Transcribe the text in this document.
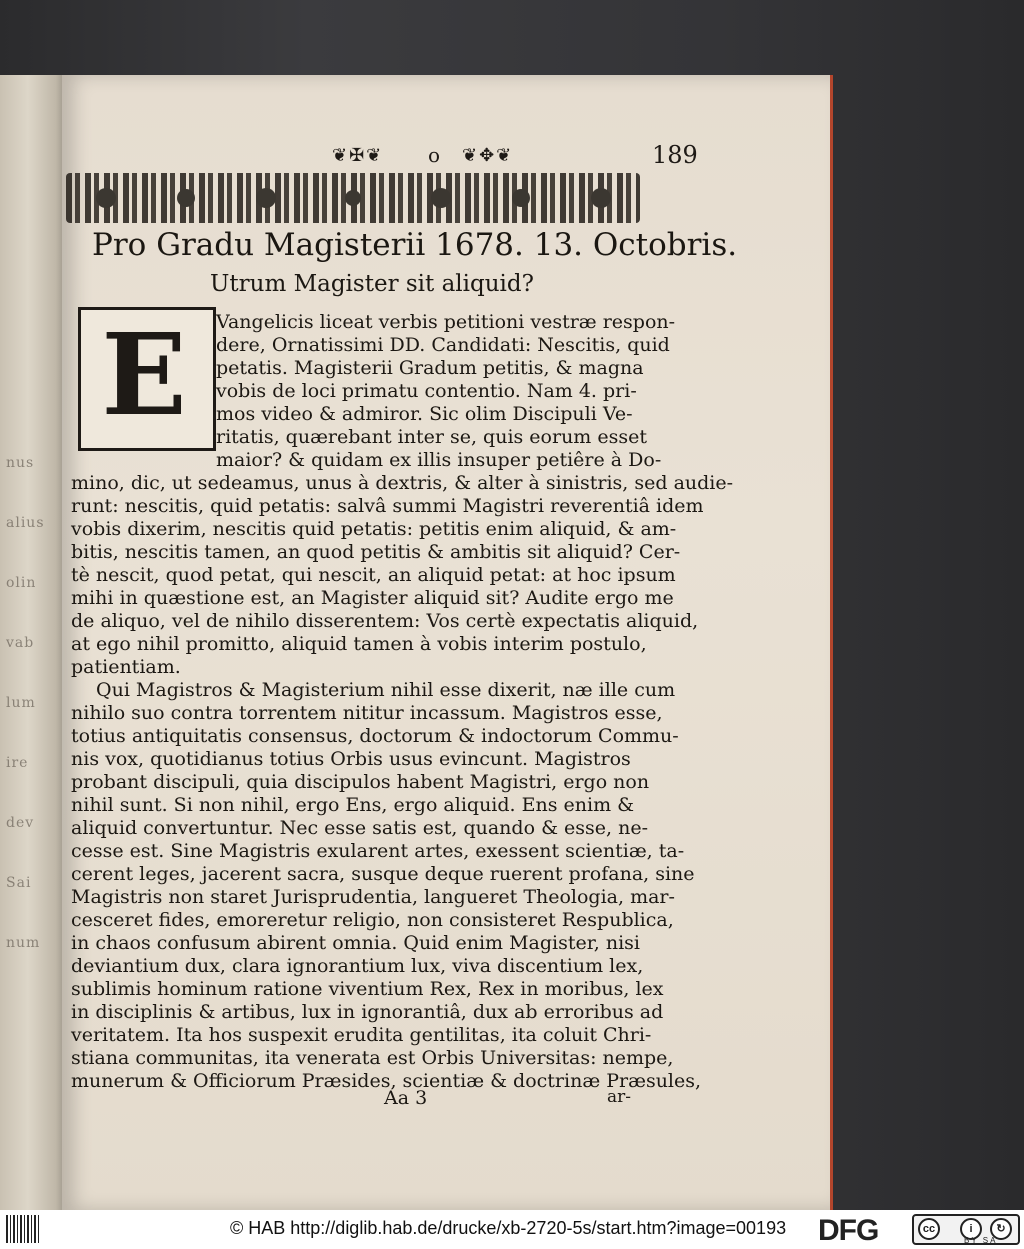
nus
alius
olin
vab
lum
ire
dev
Sai
num
❦✠❦ o ❦✥❦	189
Pro Gradu Magisterii 1678. 13. Octobris.
Utrum Magister sit aliquid?
E	Vangelicis liceat verbis petitioni vestræ respon-
dere, Ornatissimi DD. Candidati: Nescitis, quid
petatis. Magisterii Gradum petitis, & magna
vobis de loci primatu contentio. Nam 4. pri-
mos video & admiror. Sic olim Discipuli Ve-
ritatis, quærebant inter se, quis eorum esset
maior? & quidam ex illis insuper petiêre à Do-
mino, dic, ut sedeamus, unus à dextris, & alter à sinistris, sed audie-
runt: nescitis, quid petatis: salvâ summi Magistri reverentiâ idem
vobis dixerim, nescitis quid petatis: petitis enim aliquid, & am-
bitis, nescitis tamen, an quod petitis & ambitis sit aliquid? Cer-
tè nescit, quod petat, qui nescit, an aliquid petat: at hoc ipsum
mihi in quæstione est, an Magister aliquid sit? Audite ergo me
de aliquo, vel de nihilo disserentem: Vos certè expectatis aliquid,
at ego nihil promitto, aliquid tamen à vobis interim postulo,
patientiam.
Qui Magistros & Magisterium nihil esse dixerit, næ ille cum
nihilo suo contra torrentem nititur incassum. Magistros esse,
totius antiquitatis consensus, doctorum & indoctorum Commu-
nis vox, quotidianus totius Orbis usus evincunt. Magistros
probant discipuli, quia discipulos habent Magistri, ergo non
nihil sunt. Si non nihil, ergo Ens, ergo aliquid. Ens enim &
aliquid convertuntur. Nec esse satis est, quando & esse, ne-
cesse est. Sine Magistris exularent artes, exessent scientiæ, ta-
cerent leges, jacerent sacra, susque deque ruerent profana, sine
Magistris non staret Jurisprudentia, langueret Theologia, mar-
cesceret fides, emoreretur religio, non consisteret Respublica,
in chaos confusum abirent omnia. Quid enim Magister, nisi
deviantium dux, clara ignorantium lux, viva discentium lex,
sublimis hominum ratione viventium Rex, Rex in moribus, lex
in disciplinis & artibus, lux in ignorantiâ, dux ab erroribus ad
veritatem. Ita hos suspexit erudita gentilitas, ita coluit Chri-
stiana communitas, ita venerata est Orbis Universitas: nempe,
munerum & Officiorum Præsides, scientiæ & doctrinæ Præsules,
Aa 3	ar-
© HAB http://diglib.hab.de/drucke/xb-2720-5s/start.htm?image=00193 DFG	cc	i	↻
BY SA
